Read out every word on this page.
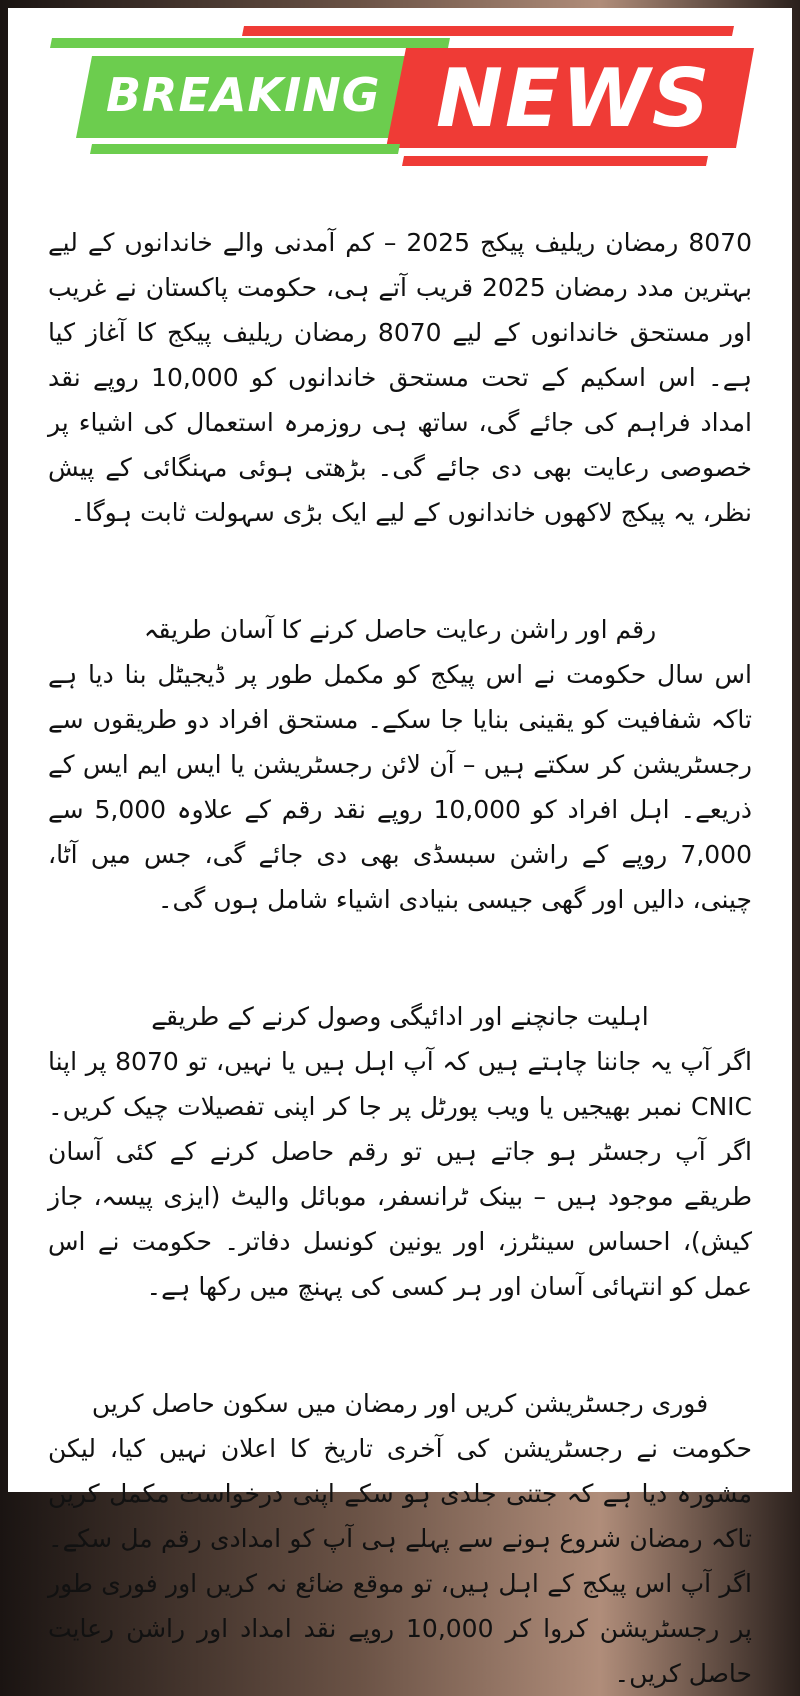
BREAKING NEWS

8070 رمضان ریلیف پیکج 2025 – کم آمدنی والے خاندانوں کے لیے بہترین مدد رمضان 2025 قریب آتے ہی، حکومت پاکستان نے غریب اور مستحق خاندانوں کے لیے 8070 رمضان ریلیف پیکج کا آغاز کیا ہے۔ اس اسکیم کے تحت مستحق خاندانوں کو 10,000 روپے نقد امداد فراہم کی جائے گی، ساتھ ہی روزمرہ استعمال کی اشیاء پر خصوصی رعایت بھی دی جائے گی۔ بڑھتی ہوئی مہنگائی کے پیش نظر، یہ پیکج لاکھوں خاندانوں کے لیے ایک بڑی سہولت ثابت ہوگا۔

رقم اور راشن رعایت حاصل کرنے کا آسان طریقہ

اس سال حکومت نے اس پیکج کو مکمل طور پر ڈیجیٹل بنا دیا ہے تاکہ شفافیت کو یقینی بنایا جا سکے۔ مستحق افراد دو طریقوں سے رجسٹریشن کر سکتے ہیں – آن لائن رجسٹریشن یا ایس ایم ایس کے ذریعے۔ اہل افراد کو 10,000 روپے نقد رقم کے علاوہ 5,000 سے 7,000 روپے کے راشن سبسڈی بھی دی جائے گی، جس میں آٹا، چینی، دالیں اور گھی جیسی بنیادی اشیاء شامل ہوں گی۔

اہلیت جانچنے اور ادائیگی وصول کرنے کے طریقے

اگر آپ یہ جاننا چاہتے ہیں کہ آپ اہل ہیں یا نہیں، تو 8070 پر اپنا CNIC نمبر بھیجیں یا ویب پورٹل پر جا کر اپنی تفصیلات چیک کریں۔ اگر آپ رجسٹر ہو جاتے ہیں تو رقم حاصل کرنے کے کئی آسان طریقے موجود ہیں – بینک ٹرانسفر، موبائل والیٹ (ایزی پیسہ، جاز کیش)، احساس سینٹرز، اور یونین کونسل دفاتر۔ حکومت نے اس عمل کو انتہائی آسان اور ہر کسی کی پہنچ میں رکھا ہے۔

فوری رجسٹریشن کریں اور رمضان میں سکون حاصل کریں

حکومت نے رجسٹریشن کی آخری تاریخ کا اعلان نہیں کیا، لیکن مشورہ دیا ہے کہ جتنی جلدی ہو سکے اپنی درخواست مکمل کریں تاکہ رمضان شروع ہونے سے پہلے ہی آپ کو امدادی رقم مل سکے۔ اگر آپ اس پیکج کے اہل ہیں، تو موقع ضائع نہ کریں اور فوری طور پر رجسٹریشن کروا کر 10,000 روپے نقد امداد اور راشن رعایت حاصل کریں۔
